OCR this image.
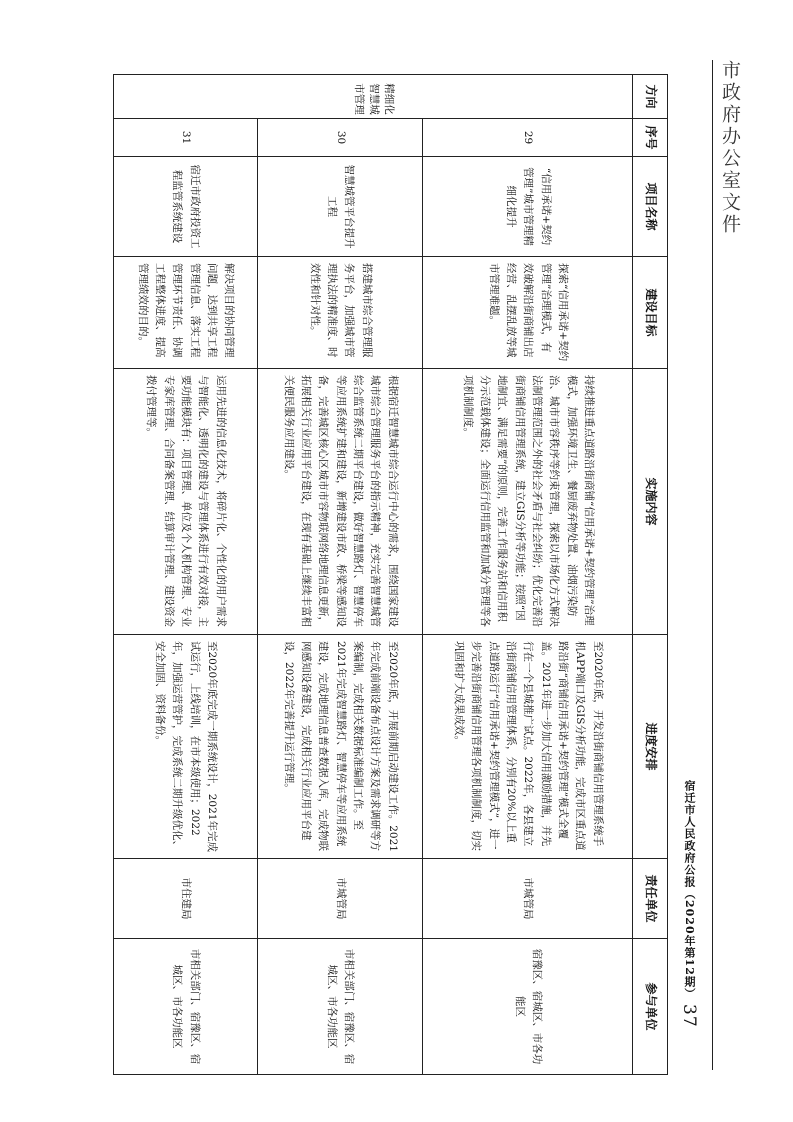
市政府办公室文件
宿迁市人民政府公报（2020年第12期）
37
方向	序号	项目名称	建设目标	实施内容	进度安排	责任单位	参与单位
精细化智慧城市管理	29	“信用承诺+契约管理”城市管理精细化提升	探索“信用承诺+契约管理”治理模式，有效破解沿街商铺出店经营、乱摆乱放等城市管理难题。	持续推进重点道路沿街商铺“信用承诺+契约管理”治理模式，加强环境卫生、餐厨废弃物处置、油烟污染防治、城市市容秩序等约束管理，探索以市场化方式解决法制管理范围之外的社会矛盾与社会纠纷；优化完善沿街商铺信用管理系统，建立GIS分析等功能；按照“因地制宜、满足需要”的原则，完善工作服务站和信用积分示范载体建设；全面运行信用监管和加减分管理等各项机制制度。	至2020年底，开发沿街商铺信用管理系统手机APP端口及GIS分析功能，完成市区重点道路沿街“商铺信用承诺+契约管理”模式全覆盖。2021年进一步加大信用激励措施，并先行在一个县城推广试点。2022年，各县建立沿街商铺信用管理体系，分别有20%以上重点道路运行“信用承诺+契约管理模式”，进一步完善沿街商铺信用管理各项机制制度，切实巩固和扩大成果成效。	市城管局	宿豫区、宿城区、市各功能区
	30	智慧城管平台提升工程	搭建城市综合管理服务平台，加强城市管理执法的精准度、时效性和针对性。	根据宿迁智慧城市综合运行中心的需求，围绕国家建设城市综合管理服务平台的指示精神，充实完善智慧城管综合监管系统二期平台建设，做好智慧路灯、智慧停车等应用系统扩建和建设，新增建设市政、桥梁等感知设备，完善城区核心区城市市容物联网络地理信息更新，拓展相关行业应用平台建设，在现有基础上继续丰富相关便民服务应用建设。	至2020年底，开展前期启动建设工作。2021年完成前端设备布点设计方案及需求调研等方案编制，完成相关数据标准编制工作。至2021年完成智慧路灯、智慧停车等应用系统建设，完成地理信息普查数据入库，完成物联网感知设备建设，完成相关行业应用平台建设，2022年完善提升运行管理。	市城管局	市相关部门、宿豫区、宿城区、市各功能区
	31	宿迁市政府投资工程监管系统建设	解决项目的协同管理问题，达到共享工程管理信息、落实工程管理环节责任、协调工程整体进度、提高管理绩效的目的。	运用先进的信息化技术，将碎片化、个性化的用户需求与智能化、透明化的建设与管理体系进行有效对接，主要功能模块有：项目管理、单位及个人机构管理、专业专家库管理、合同备案管理、结算审计管理、建设资金拨付管理等。	至2020年底完成一期系统设计，2021年完成试运行，上线培训，在市本级使用；2022年，加强运营管护，完成系统二期升级优化、安全加固、资料备份。	市住建局	市相关部门、宿豫区、宿城区、市各功能区
